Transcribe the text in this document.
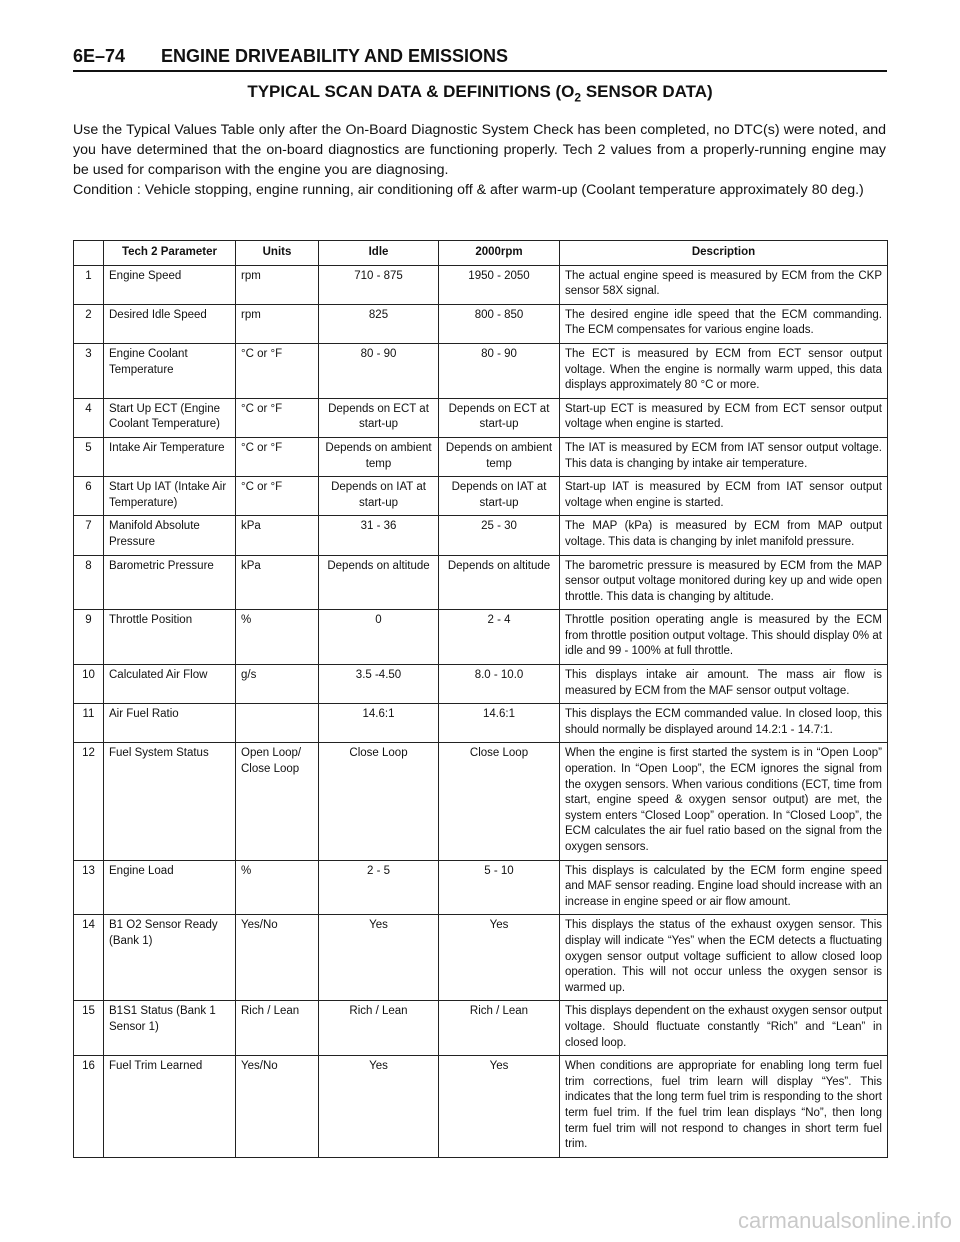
6E–74 ENGINE DRIVEABILITY AND EMISSIONS
TYPICAL SCAN DATA & DEFINITIONS ($O_2$ SENSOR DATA)

Use the Typical Values Table only after the On-Board Diagnostic System Check has been completed, no DTC(s) were noted, and you have determined that the on-board diagnostics are functioning properly. Tech 2 values from a properly-running engine may be used for comparison with the engine you are diagnosing.

Condition : Vehicle stopping, engine running, air conditioning off & after warm-up (Coolant temperature approximately 80 deg.)

	Tech 2 Parameter	Units	Idle	2000rpm	Description
1	Engine Speed	rpm	710 - 875	1950 - 2050	The actual engine speed is measured by ECM from the CKP sensor 58X signal.
2	Desired Idle Speed	rpm	825	800 - 850	The desired engine idle speed that the ECM commanding. The ECM compensates for various engine loads.
3	Engine Coolant Temperature	°C or °F	80 - 90	80 - 90	The ECT is measured by ECM from ECT sensor output voltage. When the engine is normally warm upped, this data displays approximately 80 °C or more.
4	Start Up ECT (Engine Coolant Temperature)	°C or °F	Depends on ECT at start-up	Depends on ECT at start-up	Start-up ECT is measured by ECM from ECT sensor output voltage when engine is started.
5	Intake Air Temperature	°C or °F	Depends on ambient temp	Depends on ambient temp	The IAT is measured by ECM from IAT sensor output voltage. This data is changing by intake air temperature.
6	Start Up IAT (Intake Air Temperature)	°C or °F	Depends on IAT at start-up	Depends on IAT at start-up	Start-up IAT is measured by ECM from IAT sensor output voltage when engine is started.
7	Manifold Absolute Pressure	kPa	31 - 36	25 - 30	The MAP (kPa) is measured by ECM from MAP output voltage. This data is changing by inlet manifold pressure.
8	Barometric Pressure	kPa	Depends on altitude	Depends on altitude	The barometric pressure is measured by ECM from the MAP sensor output voltage monitored during key up and wide open throttle. This data is changing by altitude.
9	Throttle Position	%	0	2 - 4	Throttle position operating angle is measured by the ECM from throttle position output voltage. This should display 0% at idle and 99 - 100% at full throttle.
10	Calculated Air Flow	g/s	3.5 -4.50	8.0 - 10.0	This displays intake air amount. The mass air flow is measured by ECM from the MAF sensor output voltage.
11	Air Fuel Ratio		14.6:1	14.6:1	This displays the ECM commanded value. In closed loop, this should normally be displayed around 14.2:1 - 14.7:1.
12	Fuel System Status	Open Loop/ Close Loop	Close Loop	Close Loop	When the engine is first started the system is in “Open Loop” operation. In “Open Loop”, the ECM ignores the signal from the oxygen sensors. When various conditions (ECT, time from start, engine speed & oxygen sensor output) are met, the system enters “Closed Loop” operation. In “Closed Loop”, the ECM calculates the air fuel ratio based on the signal from the oxygen sensors.
13	Engine Load	%	2 - 5	5 - 10	This displays is calculated by the ECM form engine speed and MAF sensor reading. Engine load should increase with an increase in engine speed or air flow amount.
14	B1 O2 Sensor Ready (Bank 1)	Yes/No	Yes	Yes	This displays the status of the exhaust oxygen sensor. This display will indicate “Yes” when the ECM detects a fluctuating oxygen sensor output voltage sufficient to allow closed loop operation. This will not occur unless the oxygen sensor is warmed up.
15	B1S1 Status (Bank 1 Sensor 1)	Rich / Lean	Rich / Lean	Rich / Lean	This displays dependent on the exhaust oxygen sensor output voltage. Should fluctuate constantly “Rich” and “Lean” in closed loop.
16	Fuel Trim Learned	Yes/No	Yes	Yes	When conditions are appropriate for enabling long term fuel trim corrections, fuel trim learn will display “Yes”. This indicates that the long term fuel trim is responding to the short term fuel trim. If the fuel trim lean displays “No”, then long term fuel trim will not respond to changes in short term fuel trim.
carmanualsonline.info
